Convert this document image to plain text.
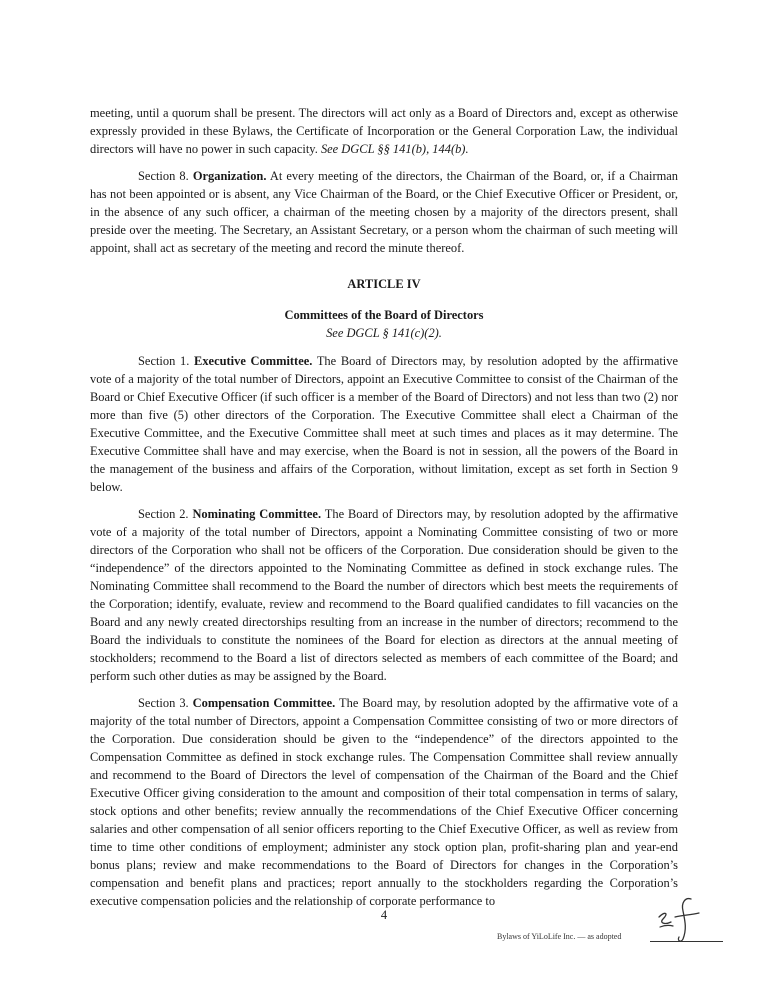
meeting, until a quorum shall be present. The directors will act only as a Board of Directors and, except as otherwise expressly provided in these Bylaws, the Certificate of Incorporation or the General Corporation Law, the individual directors will have no power in such capacity. See DGCL §§ 141(b), 144(b).

Section 8. Organization. At every meeting of the directors, the Chairman of the Board, or, if a Chairman has not been appointed or is absent, any Vice Chairman of the Board, or the Chief Executive Officer or President, or, in the absence of any such officer, a chairman of the meeting chosen by a majority of the directors present, shall preside over the meeting. The Secretary, an Assistant Secretary, or a person whom the chairman of such meeting will appoint, shall act as secretary of the meeting and record the minute thereof.

ARTICLE IV
Committees of the Board of Directors
See DGCL § 141(c)(2).

Section 1. Executive Committee. The Board of Directors may, by resolution adopted by the affirmative vote of a majority of the total number of Directors, appoint an Executive Committee to consist of the Chairman of the Board or Chief Executive Officer (if such officer is a member of the Board of Directors) and not less than two (2) nor more than five (5) other directors of the Corporation. The Executive Committee shall elect a Chairman of the Executive Committee, and the Executive Committee shall meet at such times and places as it may determine. The Executive Committee shall have and may exercise, when the Board is not in session, all the powers of the Board in the management of the business and affairs of the Corporation, without limitation, except as set forth in Section 9 below.

Section 2. Nominating Committee. The Board of Directors may, by resolution adopted by the affirmative vote of a majority of the total number of Directors, appoint a Nominating Committee consisting of two or more directors of the Corporation who shall not be officers of the Corporation. Due consideration should be given to the “independence” of the directors appointed to the Nominating Committee as defined in stock exchange rules. The Nominating Committee shall recommend to the Board the number of directors which best meets the requirements of the Corporation; identify, evaluate, review and recommend to the Board qualified candidates to fill vacancies on the Board and any newly created directorships resulting from an increase in the number of directors; recommend to the Board the individuals to constitute the nominees of the Board for election as directors at the annual meeting of stockholders; recommend to the Board a list of directors selected as members of each committee of the Board; and perform such other duties as may be assigned by the Board.

Section 3. Compensation Committee. The Board may, by resolution adopted by the affirmative vote of a majority of the total number of Directors, appoint a Compensation Committee consisting of two or more directors of the Corporation. Due consideration should be given to the “independence” of the directors appointed to the Compensation Committee as defined in stock exchange rules. The Compensation Committee shall review annually and recommend to the Board of Directors the level of compensation of the Chairman of the Board and the Chief Executive Officer giving consideration to the amount and composition of their total compensation in terms of salary, stock options and other benefits; review annually the recommendations of the Chief Executive Officer concerning salaries and other compensation of all senior officers reporting to the Chief Executive Officer, as well as review from time to time other conditions of employment; administer any stock option plan, profit-sharing plan and year-end bonus plans; review and make recommendations to the Board of Directors for changes in the Corporation’s compensation and benefit plans and practices; report annually to the stockholders regarding the Corporation’s executive compensation policies and the relationship of corporate performance to

4
Bylaws of YiLoLife Inc. — as adopted
